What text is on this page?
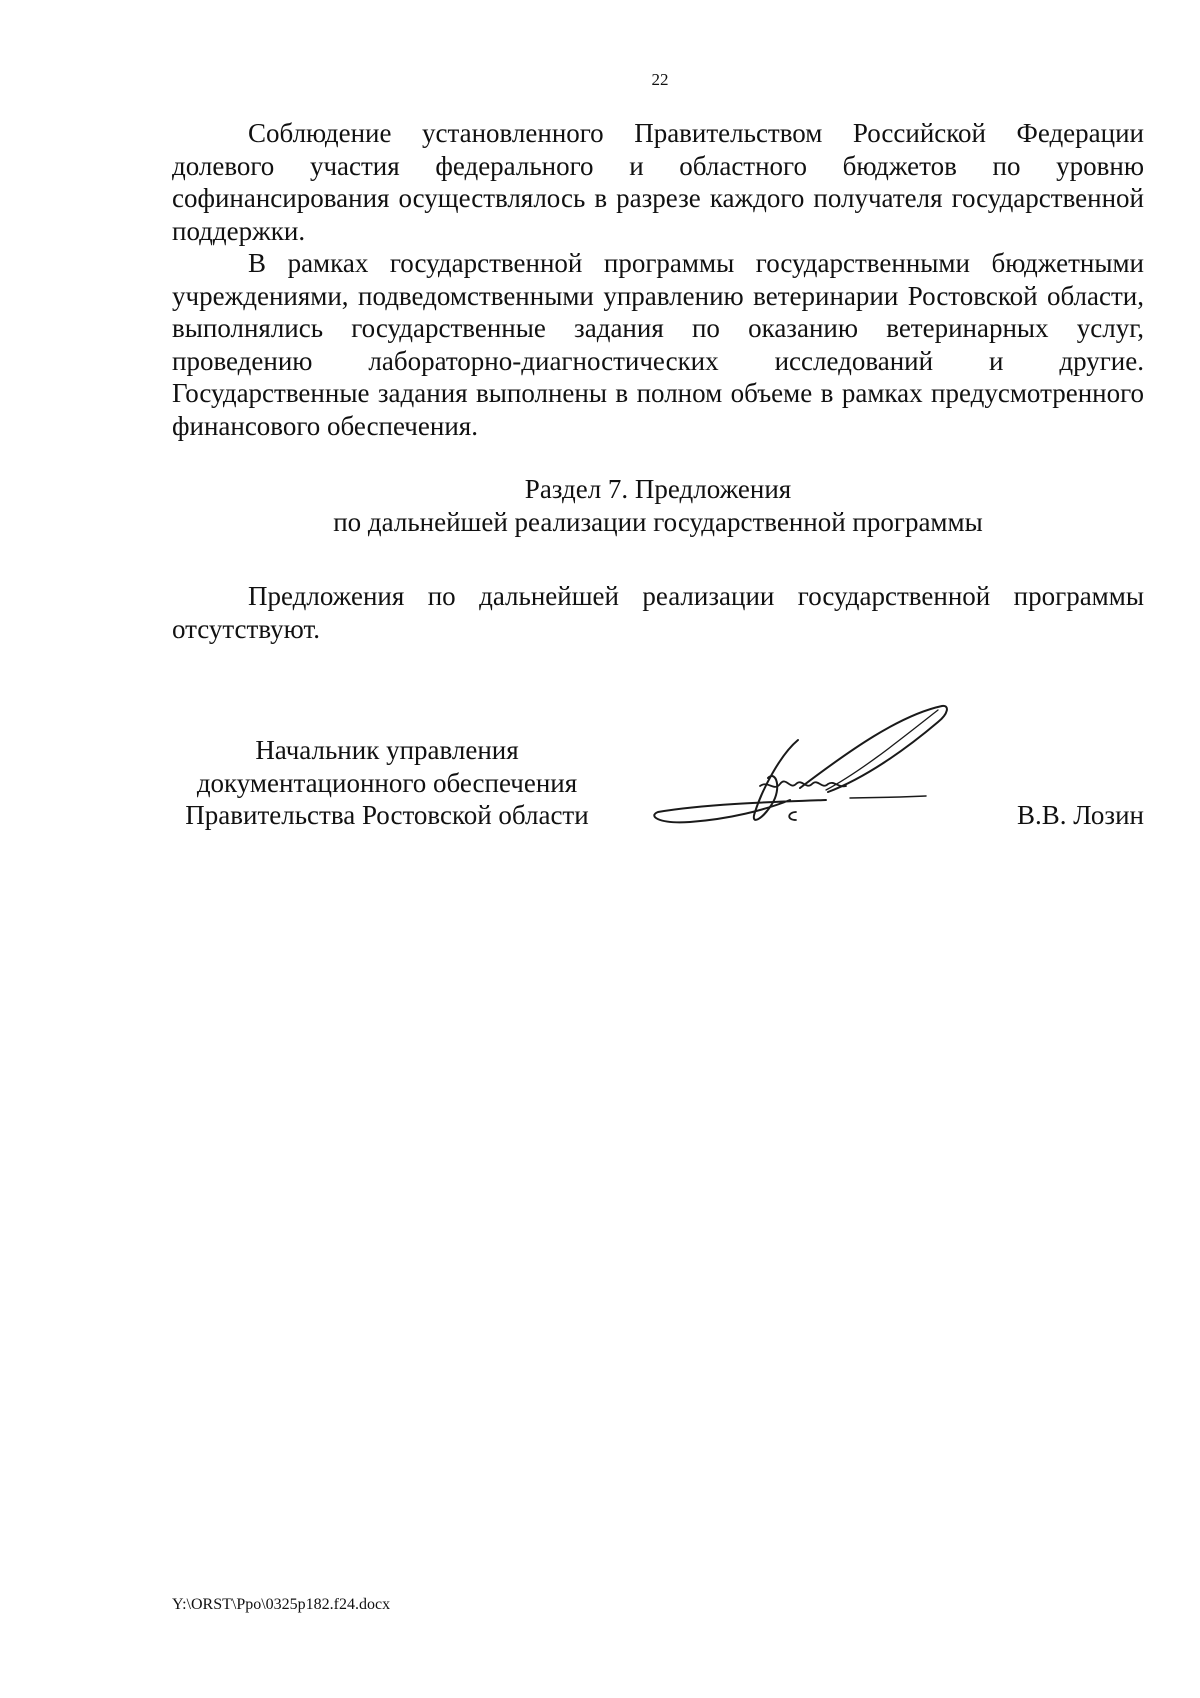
22

Соблюдение установленного Правительством Российской Федерации долевого участия федерального и областного бюджетов по уровню софинансирования осуществлялось в разрезе каждого получателя государственной поддержки.

В рамках государственной программы государственными бюджетными учреждениями, подведомственными управлению ветеринарии Ростовской области, выполнялись государственные задания по оказанию ветеринарных услуг, проведению лабораторно-диагностических исследований и другие. Государственные задания выполнены в полном объеме в рамках предусмотренного финансового обеспечения.

Раздел 7. Предложения
по дальнейшей реализации государственной программы

Предложения по дальнейшей реализации государственной программы отсутствуют.

Начальник управления
документационного обеспечения
Правительства Ростовской области	В.В. Лозин
Y:\ORST\Ppo\0325p182.f24.docx
